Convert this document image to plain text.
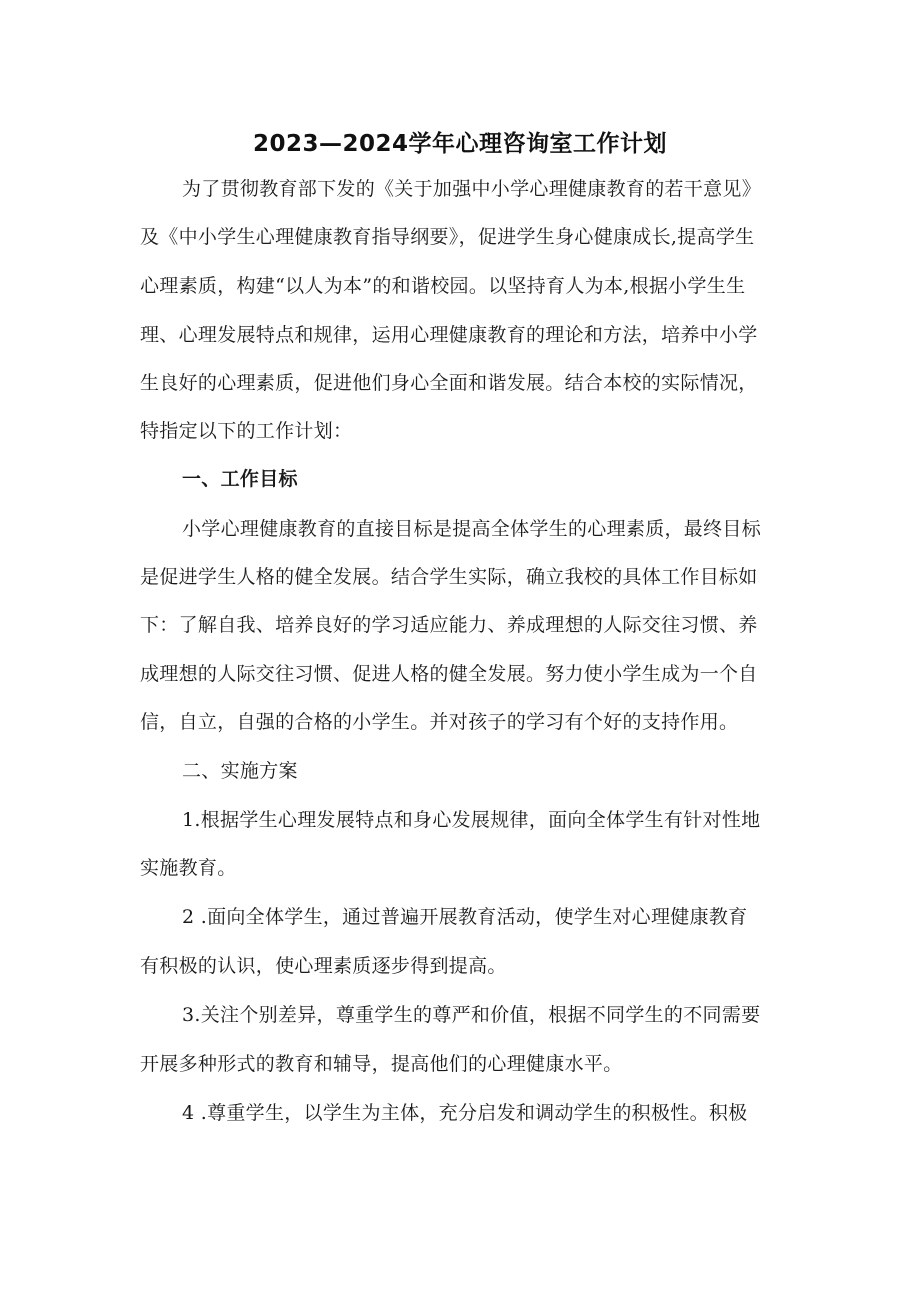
2023—2024学年心理咨询室工作计划
为了贯彻教育部下发的《关于加强中小学心理健康教育的若干意见》
及《中小学生心理健康教育指导纲要》，促进学生身心健康成长,提高学生
心理素质，构建“以人为本”的和谐校园。以坚持育人为本,根据小学生生
理、心理发展特点和规律，运用心理健康教育的理论和方法，培养中小学
生良好的心理素质，促进他们身心全面和谐发展。结合本校的实际情况，
特指定以下的工作计划：
一、工作目标
小学心理健康教育的直接目标是提高全体学生的心理素质，最终目标
是促进学生人格的健全发展。结合学生实际，确立我校的具体工作目标如
下：了解自我、培养良好的学习适应能力、养成理想的人际交往习惯、养
成理想的人际交往习惯、促进人格的健全发展。努力使小学生成为一个自
信，自立，自强的合格的小学生。并对孩子的学习有个好的支持作用。
二、实施方案
1.根据学生心理发展特点和身心发展规律，面向全体学生有针对性地
实施教育。
2 .面向全体学生，通过普遍开展教育活动，使学生对心理健康教育
有积极的认识，使心理素质逐步得到提高。
3.关注个别差异，尊重学生的尊严和价值，根据不同学生的不同需要
开展多种形式的教育和辅导，提高他们的心理健康水平。
4 .尊重学生，以学生为主体，充分启发和调动学生的积极性。积极
